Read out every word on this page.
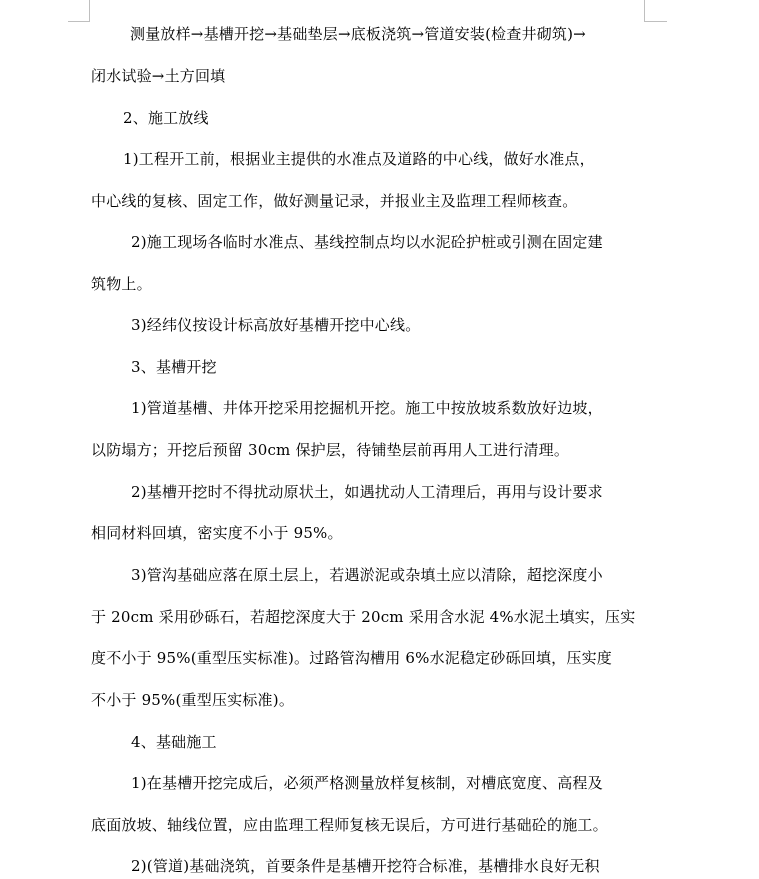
测量放样→基槽开挖→基础垫层→底板浇筑→管道安装(检查井砌筑)→
闭水试验→土方回填
2、施工放线
1)工程开工前，根据业主提供的水准点及道路的中心线，做好水准点，
中心线的复核、固定工作，做好测量记录，并报业主及监理工程师核查。
2)施工现场各临时水准点、基线控制点均以水泥砼护桩或引测在固定建
筑物上。
3)经纬仪按设计标高放好基槽开挖中心线。
3、基槽开挖
1)管道基槽、井体开挖采用挖掘机开挖。施工中按放坡系数放好边坡，
以防塌方；开挖后预留 30cm 保护层，待铺垫层前再用人工进行清理。
2)基槽开挖时不得扰动原状土，如遇扰动人工清理后，再用与设计要求
相同材料回填，密实度不小于 95%。
3)管沟基础应落在原土层上，若遇淤泥或杂填土应以清除，超挖深度小
于 20cm 采用砂砾石，若超挖深度大于 20cm 采用含水泥 4%水泥土填实，压实
度不小于 95%(重型压实标准)。过路管沟槽用 6%水泥稳定砂砾回填，压实度
不小于 95%(重型压实标准)。
4、基础施工
1)在基槽开挖完成后，必须严格测量放样复核制，对槽底宽度、高程及
底面放坡、轴线位置，应由监理工程师复核无误后，方可进行基础砼的施工。
2)(管道)基础浇筑，首要条件是基槽开挖符合标准，基槽排水良好无积
